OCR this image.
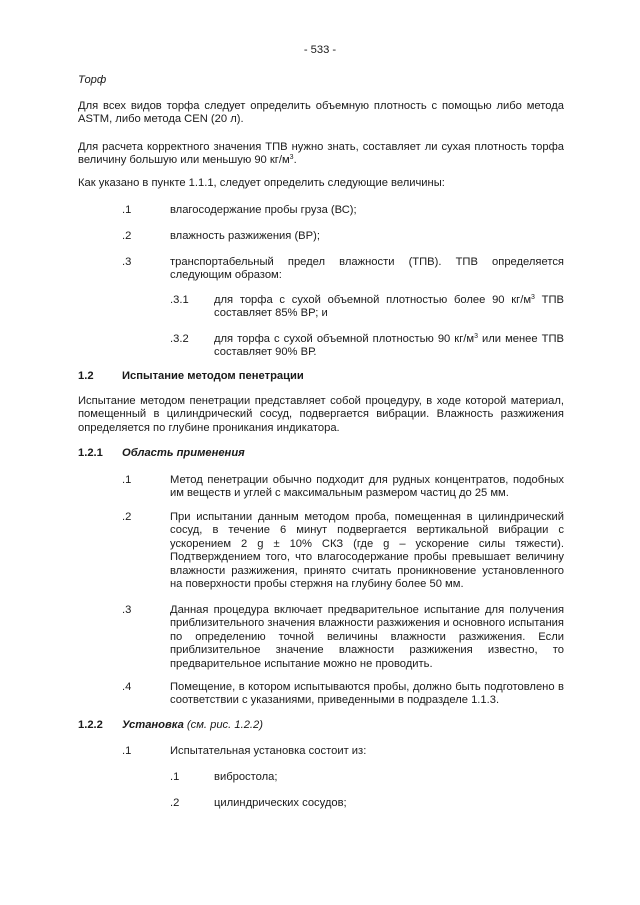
- 533 -
Торф
Для всех видов торфа следует определить объемную плотность с помощью либо метода ASTM, либо метода CEN (20 л).
Для расчета корректного значения ТПВ нужно знать, составляет ли сухая плотность торфа величину большую или меньшую 90 $кг/м^3$.
Как указано в пункте 1.1.1, следует определить следующие величины:
.1	влагосодержание пробы груза (ВС);
.2	влажность разжижения (ВР);
.3	транспортабельный предел влажности (ТПВ). ТПВ определяется следующим образом:
.3.1 для торфа с сухой объемной плотностью более 90 $кг/м^3$ ТПВ составляет 85% ВР; и
.3.2 для торфа с сухой объемной плотностью 90 $кг/м^3$ или менее ТПВ составляет 90% ВР.
1.2	Испытание методом пенетрации
Испытание методом пенетрации представляет собой процедуру, в ходе которой материал, помещенный в цилиндрический сосуд, подвергается вибрации. Влажность разжижения определяется по глубине проникания индикатора.
1.2.1 Область применения
.1	Метод пенетрации обычно подходит для рудных концентратов, подобных им веществ и углей с максимальным размером частиц до 25 мм.
.2	При испытании данным методом проба, помещенная в цилиндрический сосуд, в течение 6 минут подвергается вертикальной вибрации с ускорением 2 g ± 10% СКЗ (где g – ускорение силы тяжести). Подтверждением того, что влагосодержание пробы превышает величину влажности разжижения, принято считать проникновение установленного на поверхности пробы стержня на глубину более 50 мм.
.3	Данная процедура включает предварительное испытание для получения приблизительного значения влажности разжижения и основного испытания по определению точной величины влажности разжижения. Если приблизительное значение влажности разжижения известно, то предварительное испытание можно не проводить.
.4	Помещение, в котором испытываются пробы, должно быть подготовлено в соответствии с указаниями, приведенными в подразделе 1.1.3.
1.2.2 Установка (см. рис. 1.2.2)
.1	Испытательная установка состоит из:
.1	вибростола;
.2	цилиндрических сосудов;
